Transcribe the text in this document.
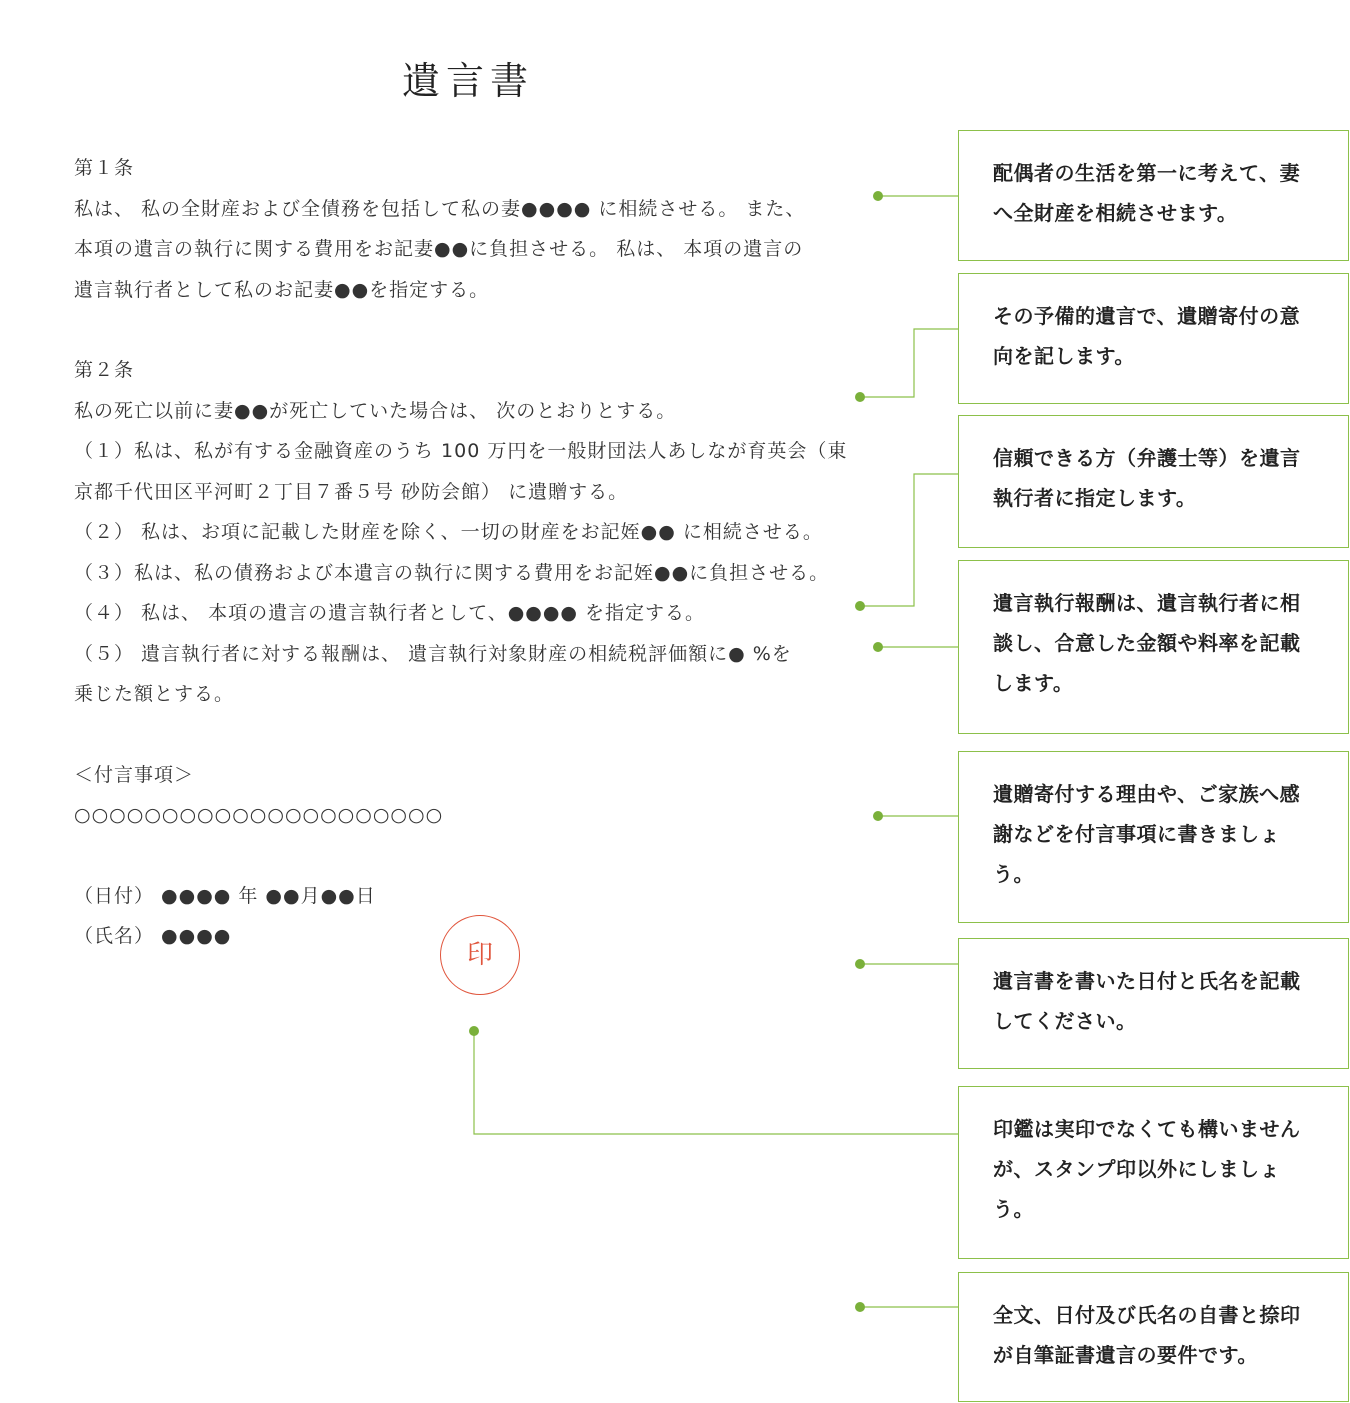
遺言書
第１条
私は、 私の全財産および全債務を包括して私の妻●●●● に相続させる。 また、
本項の遺言の執行に関する費用をお記妻●●に負担させる。 私は、 本項の遺言の
遺言執行者として私のお記妻●●を指定する。
第２条
私の死亡以前に妻●●が死亡していた場合は、 次のとおりとする。
（１）私は、私が有する金融資産のうち 100 万円を一般財団法人あしなが育英会（東
京都千代田区平河町２丁目７番５号 砂防会館） に遺贈する。
（２） 私は、お項に記載した財産を除く、一切の財産をお記姪●● に相続させる。
（３）私は、私の債務および本遺言の執行に関する費用をお記姪●●に負担させる。
（４） 私は、 本項の遺言の遺言執行者として、●●●● を指定する。
（５） 遺言執行者に対する報酬は、 遺言執行対象財産の相続税評価額に● %を
乗じた額とする。
＜付言事項＞
○○○○○○○○○○○○○○○○○○○○○
（日付） ●●●● 年 ●●月●●日
（氏名） ●●●●
印
配偶者の生活を第一に考えて、妻へ全財産を相続させます。
その予備的遺言で、遺贈寄付の意向を記します。
信頼できる方（弁護士等）を遺言執行者に指定します。
遺言執行報酬は、遺言執行者に相談し、合意した金額や料率を記載します。
遺贈寄付する理由や、ご家族へ感謝などを付言事項に書きましょう。
遺言書を書いた日付と氏名を記載してください。
印鑑は実印でなくても構いませんが、スタンプ印以外にしましょう。
全文、日付及び氏名の自書と捺印が自筆証書遺言の要件です。
